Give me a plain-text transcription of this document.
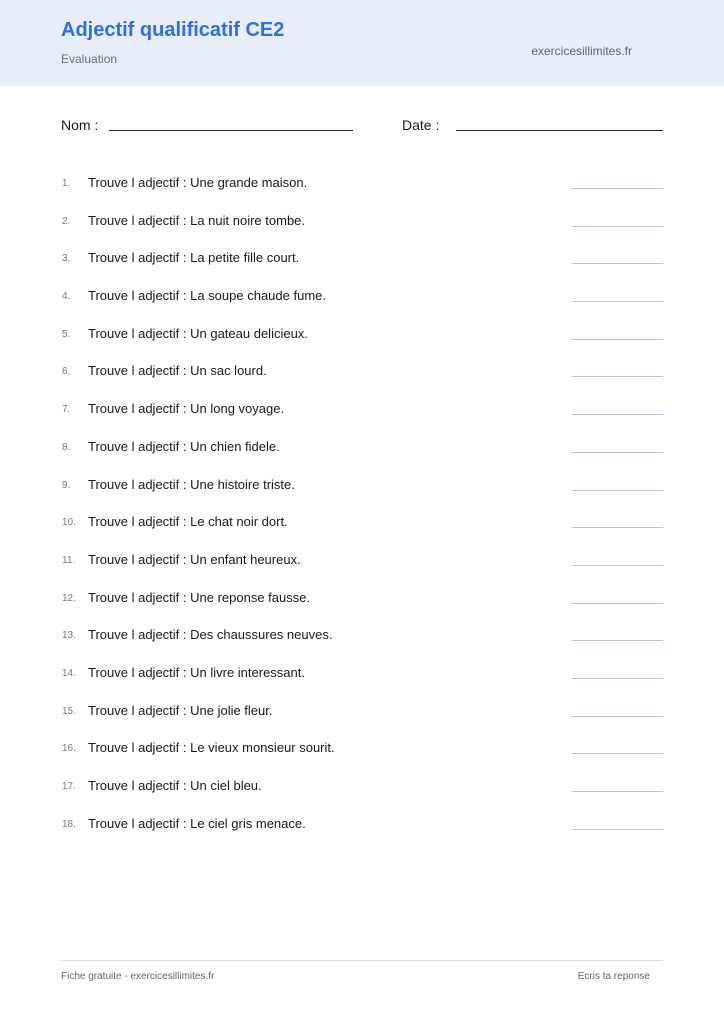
Adjectif qualificatif CE2
Evaluation
exercicesillimites.fr
Nom :	Date :
1. Trouve l adjectif : Une grande maison.
2. Trouve l adjectif : La nuit noire tombe.
3. Trouve l adjectif : La petite fille court.
4. Trouve l adjectif : La soupe chaude fume.
5. Trouve l adjectif : Un gateau delicieux.
6. Trouve l adjectif : Un sac lourd.
7. Trouve l adjectif : Un long voyage.
8. Trouve l adjectif : Un chien fidele.
9. Trouve l adjectif : Une histoire triste.
10. Trouve l adjectif : Le chat noir dort.
11. Trouve l adjectif : Un enfant heureux.
12. Trouve l adjectif : Une reponse fausse.
13. Trouve l adjectif : Des chaussures neuves.
14. Trouve l adjectif : Un livre interessant.
15. Trouve l adjectif : Une jolie fleur.
16. Trouve l adjectif : Le vieux monsieur sourit.
17. Trouve l adjectif : Un ciel bleu.
18. Trouve l adjectif : Le ciel gris menace.
Fiche gratuite - exercicesillimites.fr	Ecris ta reponse
